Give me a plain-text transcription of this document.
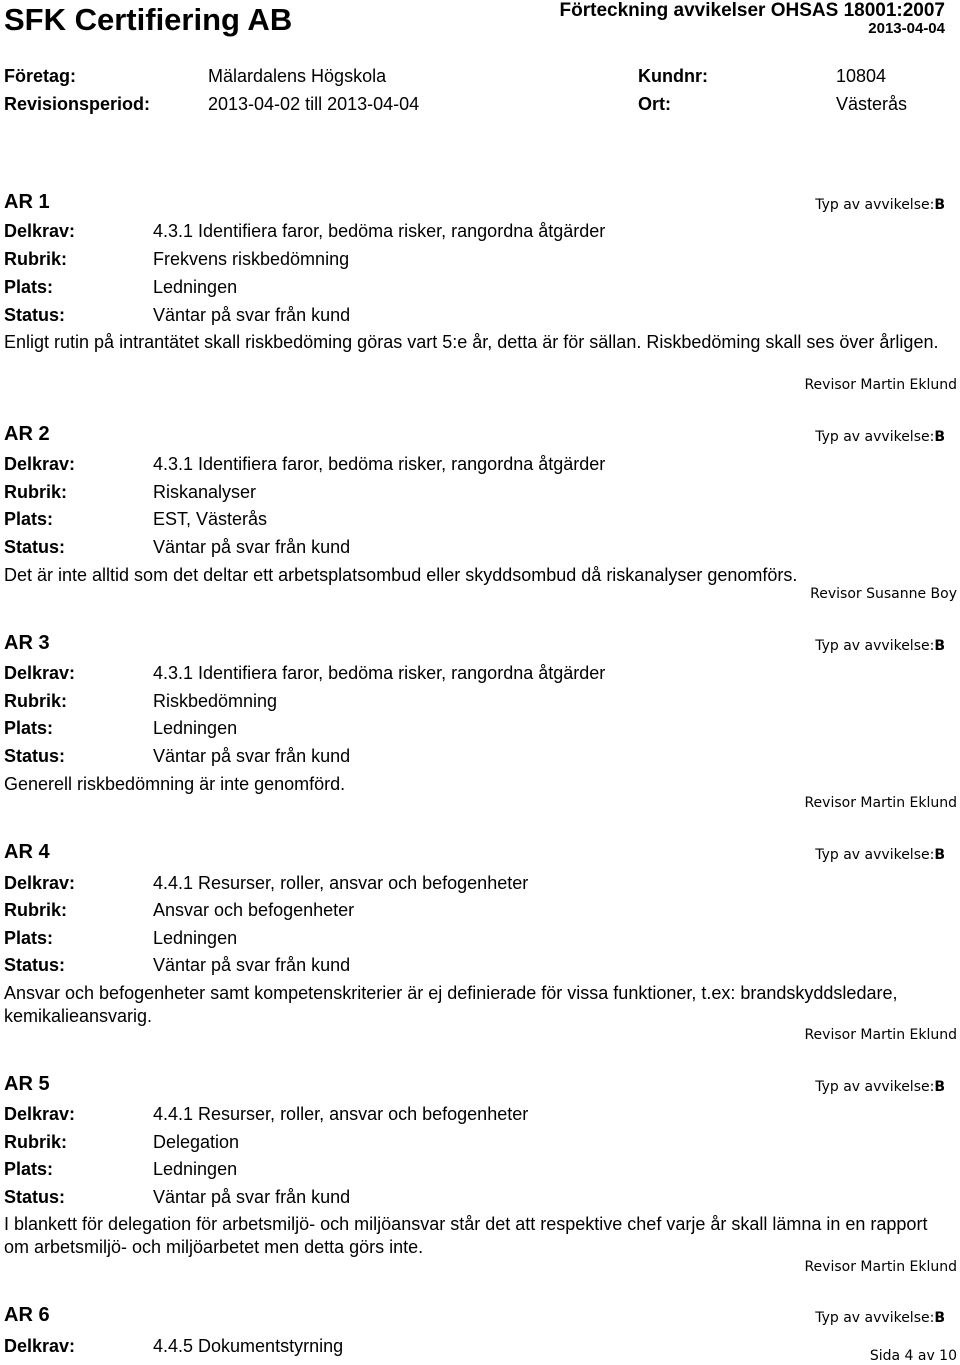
SFK Certifiering AB	Förteckning avvikelser OHSAS 18001:2007
2013-04-04
Företag:	Mälardalens Högskola	Kundnr:	10804
Revisionsperiod:	2013-04-02 till 2013-04-04	Ort:	Västerås
AR 1	Typ av avvikelse:B
Delkrav:	4.3.1 Identifiera faror, bedöma risker, rangordna åtgärder
Rubrik:	Frekvens riskbedömning
Plats:	Ledningen
Status:	Väntar på svar från kund
Enligt rutin på intrantätet skall riskbedöming göras vart 5:e år, detta är för sällan. Riskbedöming skall ses över årligen.
Revisor Martin Eklund
AR 2	Typ av avvikelse:B
Delkrav:	4.3.1 Identifiera faror, bedöma risker, rangordna åtgärder
Rubrik:	Riskanalyser
Plats:	EST, Västerås
Status:	Väntar på svar från kund
Det är inte alltid som det deltar ett arbetsplatsombud eller skyddsombud då riskanalyser genomförs.
Revisor Susanne Boy
AR 3	Typ av avvikelse:B
Delkrav:	4.3.1 Identifiera faror, bedöma risker, rangordna åtgärder
Rubrik:	Riskbedömning
Plats:	Ledningen
Status:	Väntar på svar från kund
Generell riskbedömning är inte genomförd.
Revisor Martin Eklund
AR 4	Typ av avvikelse:B
Delkrav:	4.4.1 Resurser, roller, ansvar och befogenheter
Rubrik:	Ansvar och befogenheter
Plats:	Ledningen
Status:	Väntar på svar från kund
Ansvar och befogenheter samt kompetenskriterier är ej definierade för vissa funktioner, t.ex: brandskyddsledare, kemikalieansvarig.
Revisor Martin Eklund
AR 5	Typ av avvikelse:B
Delkrav:	4.4.1 Resurser, roller, ansvar och befogenheter
Rubrik:	Delegation
Plats:	Ledningen
Status:	Väntar på svar från kund
I blankett för delegation för arbetsmiljö- och miljöansvar står det att respektive chef varje år skall lämna in en rapport om arbetsmiljö- och miljöarbetet men detta görs inte.
Revisor Martin Eklund
AR 6	Typ av avvikelse:B
Delkrav:	4.4.5 Dokumentstyrning	Sida 4 av 10
